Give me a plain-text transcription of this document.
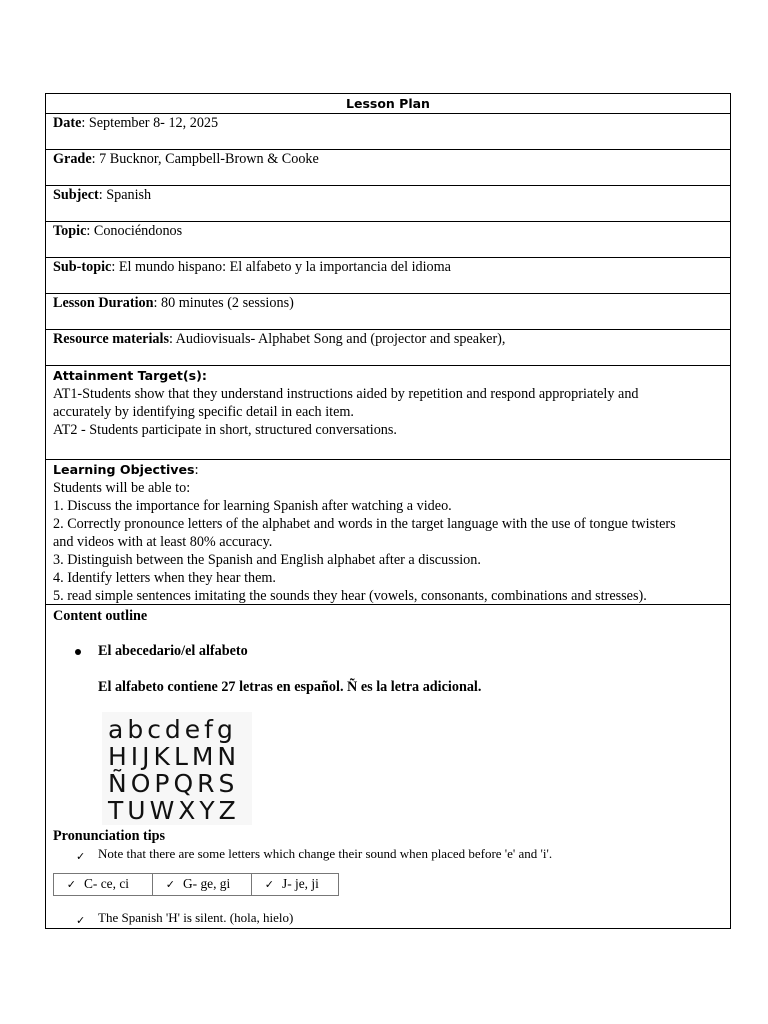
Lesson Plan
Date: September 8- 12, 2025
Grade: 7 Bucknor, Campbell-Brown & Cooke
Subject: Spanish
Topic: Conociéndonos
Sub-topic: El mundo hispano: El alfabeto y la importancia del idioma
Lesson Duration: 80 minutes (2 sessions)
Resource materials: Audiovisuals- Alphabet Song and (projector and speaker),
Attainment Target(s):
AT1-Students show that they understand instructions aided by repetition and respond appropriately and
accurately by identifying specific detail in each item.
AT2 - Students participate in short, structured conversations.
Learning Objectives:
Students will be able to:
1. Discuss the importance for learning Spanish after watching a video.
2. Correctly pronounce letters of the alphabet and words in the target language with the use of tongue twisters
and videos with at least 80% accuracy.
3. Distinguish between the Spanish and English alphabet after a discussion.
4. Identify letters when they hear them.
5. read simple sentences imitating the sounds they hear (vowels, consonants, combinations and stresses).
Content outline
El abecedario/el alfabeto
El alfabeto contiene 27 letras en español. Ñ es la letra adicional.
abcdefg
HIJKLMN
ÑOPQRS
TUWXYZ
Pronunciation tips
✓ Note that there are some letters which change their sound when placed before 'e' and 'i'.
✓ C- ce, ci	✓ G- ge, gi	✓ J- je, ji
✓ The Spanish 'H' is silent. (hola, hielo)
